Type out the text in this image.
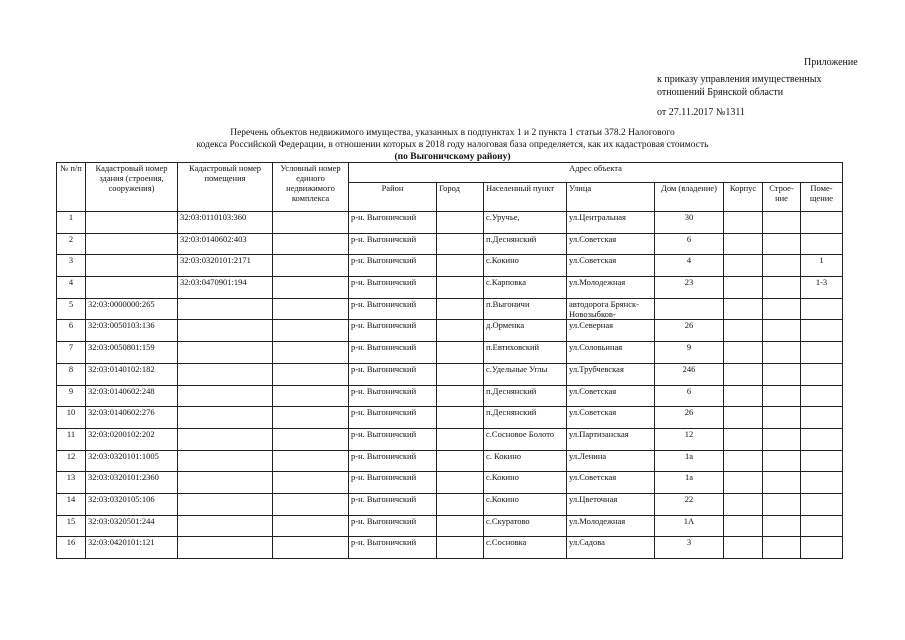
Приложение
к приказу управления имущественных
отношений Брянской области
от 27.11.2017 №1311
Перечень объектов недвижимого имущества, указанных в подпунктах 1 и 2 пункта 1 статьи 378.2 Налогового
кодекса Российской Федерации, в отношении которых в 2018 году налоговая база определяется, как их кадастровая стоимость
(по Выгоничскому району)
№ п/п	Кадастровый номер здания (строения, сооружения)	Кадастровый номер помещения	Условный номер единого недвижимого комплекса	Адрес объекта							
				Район	Город	Населенный пункт	Улица	Дом (владение)	Корпус	Строе-ние	Поме-щение
1		32:03:0110103:360		р-н. Выгоничский		с.Уручье,	ул.Центральная	30			
2		32:03:0140602:403		р-н. Выгоничский		п.Деснянский	ул.Советская	6			
3		32:03:0320101:2171		р-н. Выгоничский		с.Кокино	ул.Советская	4			1
4		32:03:0470901:194		р-н. Выгоничский		с.Карповка	ул.Молодежная	23			1-3
5	32:03:0000000:265			р-н. Выгоничский		п.Выгоничи	автодорога Брянск-Новозыбков-				
6	32:03:0050103:136			р-н. Выгоничский		д.Орменка	ул.Северная	26			
7	32:03:0050801:159			р-н. Выгоничский		п.Евтиховский	ул.Соловьиная	9			
8	32:03:0140102:182			р-н. Выгоничский		с.Удельные Углы	ул.Трубчевская	246			
9	32:03:0140602:248			р-н. Выгоничский		п.Деснянский	ул.Советская	6			
10	32:03:0140602:276			р-н. Выгоничский		п.Деснянский	ул.Советская	26			
11	32:03:0200102:202			р-н. Выгоничский		с.Сосновое Болото	ул.Партизанская	12			
12	32:03:0320101:1005			р-н. Выгоничский		с. Кокино	ул.Ленина	1а			
13	32:03:0320101:2360			р-н. Выгоничский		с.Кокино	ул.Советская	1а			
14	32:03:0320105:106			р-н. Выгоничский		с.Кокино	ул.Цветочная	22			
15	32:03:0320501:244			р-н. Выгоничский		с.Скуратово	ул.Молодежная	1А			
16	32:03:0420101:121			р-н. Выгоничский		с.Сосновка	ул.Садова	3			
